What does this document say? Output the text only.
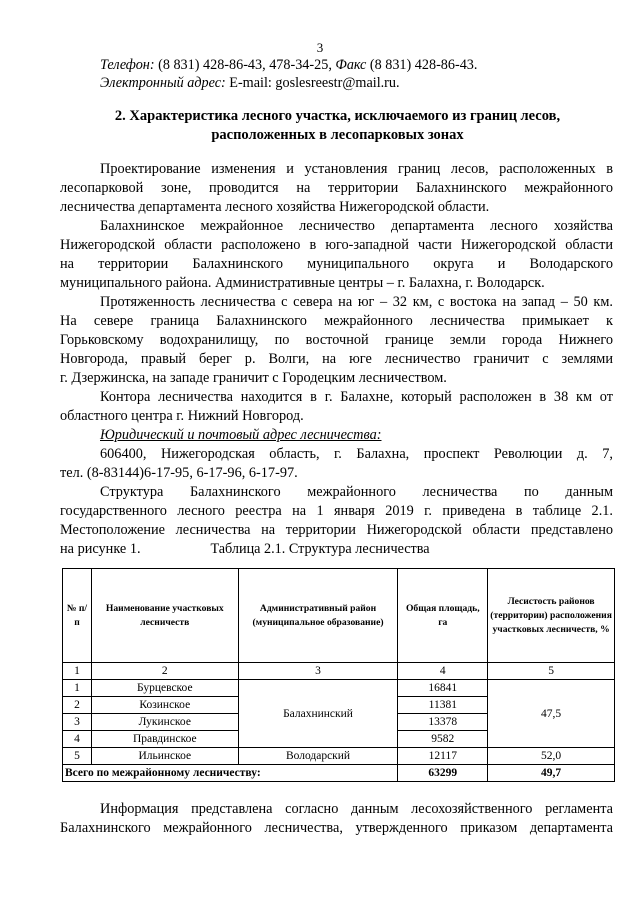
3
Телефон: (8 831) 428-86-43, 478-34-25, Факс (8 831) 428-86-43.
Электронный адрес: E-mail: goslesreestr@mail.ru.
2. Характеристика лесного участка, исключаемого из границ лесов,
расположенных в лесопарковых зонах

Проектирование изменения и установления границ лесов, расположенных в
лесопарковой зоне, проводится на территории Балахнинского межрайонного
лесничества департамента лесного хозяйства Нижегородской области.

Балахнинское межрайонное лесничество департамента лесного хозяйства
Нижегородской области расположено в юго-западной части Нижегородской области
на территории Балахнинского муниципального округа и Володарского
муниципального района. Административные центры – г. Балахна, г. Володарск.

Протяженность лесничества с севера на юг – 32 км, с востока на запад – 50 км.
На севере граница Балахнинского межрайонного лесничества примыкает к
Горьковскому водохранилищу, по восточной границе земли города Нижнего
Новгорода, правый берег р. Волги, на юге лесничество граничит с землями
г. Дзержинска, на западе граничит с Городецким лесничеством.

Контора лесничества находится в г. Балахне, который расположен в 38 км от
областного центра г. Нижний Новгород.

Юридический и почтовый адрес лесничества:

606400, Нижегородская область, г. Балахна, проспект Революции д. 7,
тел. (8-83144)6-17-95, 6-17-96, 6-17-97.

Структура Балахнинского межрайонного лесничества по данным
государственного лесного реестра на 1 января 2019 г. приведена в таблице 2.1.
Местоположение лесничества на территории Нижегородской области представлено
на рисунке 1.	Таблица 2.1. Структура лесничества
№ п/п	Наименование участковых лесничеств	Административный район (муниципальное образование)	Общая площадь, га	Лесистость районов (территории) расположения участковых лесничеств, %
1	2	3	4	5
1	Бурцевское	Балахнинский	16841	47,5
2	Козинское		11381	
3	Лукинское		13378	
4	Правдинское		9582	
5	Ильинское	Володарский	12117	52,0
Всего по межрайонному лесничеству:			63299	49,7

Информация представлена согласно данным лесохозяйственного регламента
Балахнинского межрайонного лесничества, утвержденного приказом департамента
